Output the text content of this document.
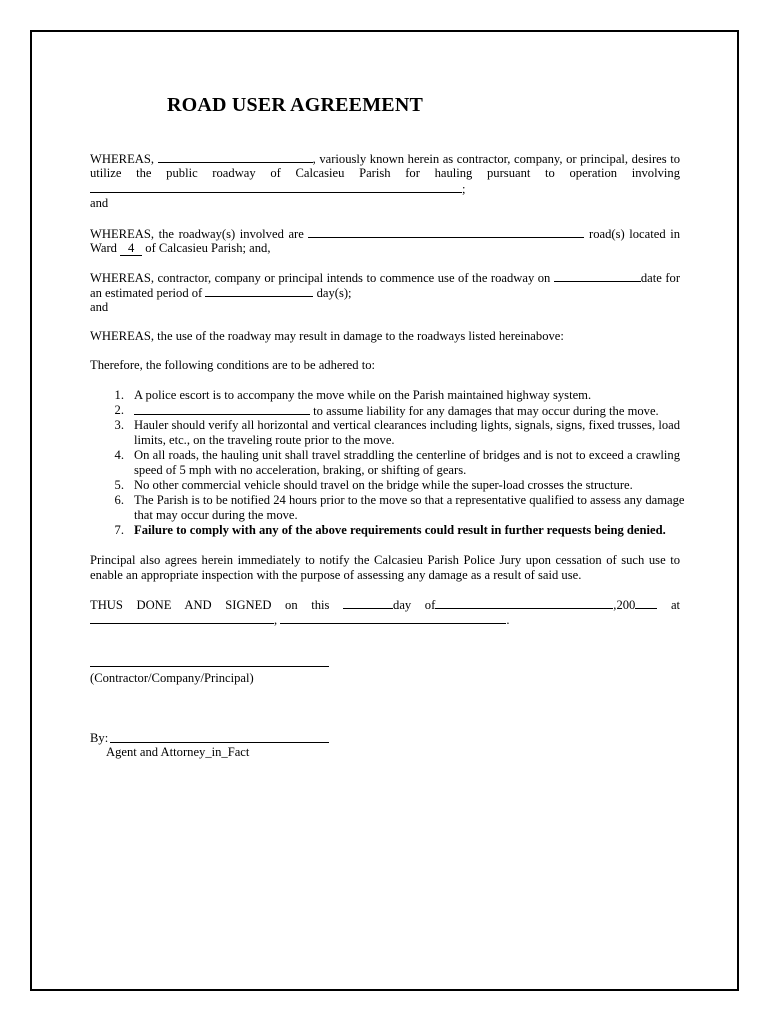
ROAD USER AGREEMENT
WHEREAS,	, variously known herein as contractor, company, or principal, desires to
utilize the public roadway of Calcasieu Parish for hauling pursuant to operation involving
;
and
WHEREAS, the roadway(s) involved are	road(s) located in
Ward 4 of Calcasieu Parish; and,
WHEREAS, contractor, company or principal intends to commence use of the roadway on	date for
an estimated period of	day(s);
and
WHEREAS, the use of the roadway may result in damage to the roadways listed hereinabove:
Therefore, the following conditions are to be adhered to:
1. A police escort is to accompany the move while on the Parish maintained highway system.
2.	to assume liability for any damages that may occur during the move.
3. Hauler should verify all horizontal and vertical clearances including lights, signals, signs, fixed trusses, load
limits, etc., on the traveling route prior to the move.
4. On all roads, the hauling unit shall travel straddling the centerline of bridges and is not to exceed a crawling
speed of 5 mph with no acceleration, braking, or shifting of gears.
5. No other commercial vehicle should travel on the bridge while the super-load crosses the structure.
6. The Parish is to be notified 24 hours prior to the move so that a representative qualified to assess any damage
that may occur during the move.
7. Failure to comply with any of the above requirements could result in further requests being denied.
Principal also agrees herein immediately to notify the Calcasieu Parish Police Jury upon cessation of such use to
enable an appropriate inspection with the purpose of assessing any damage as a result of said use.
THUS DONE AND SIGNED on this	day of	,200	at
,	.
(Contractor/Company/Principal)
By:
Agent and Attorney_in_Fact
